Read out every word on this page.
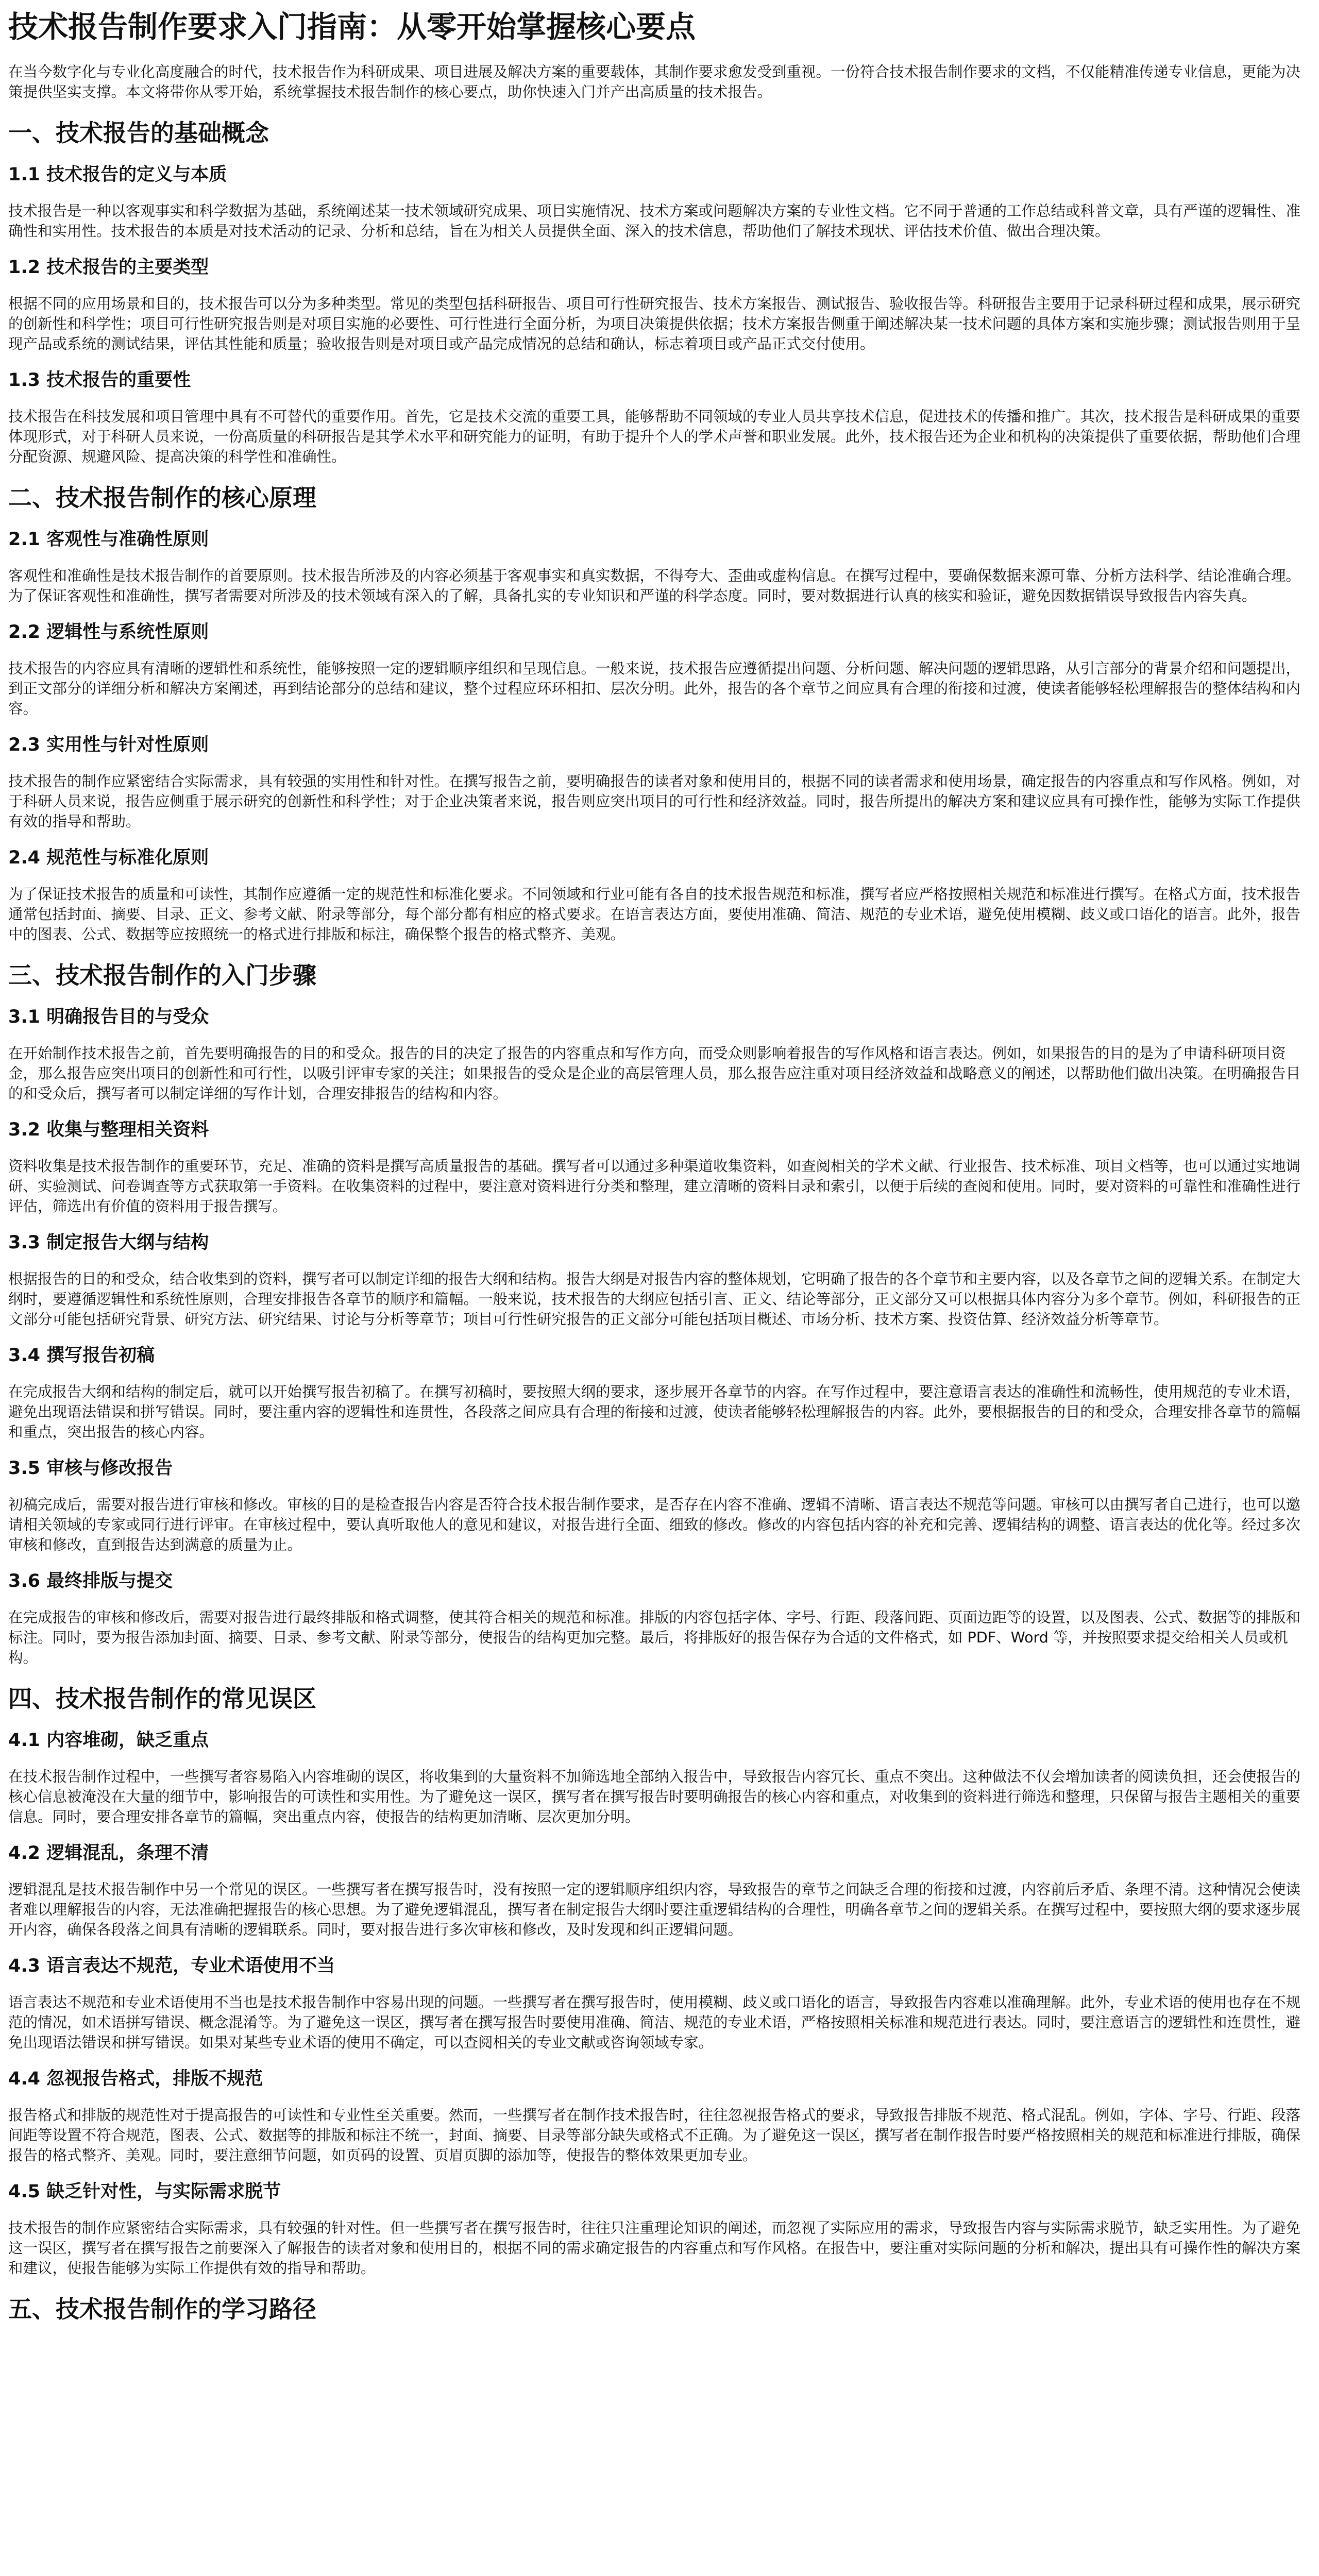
技术报告制作要求入门指南：从零开始掌握核心要点

在当今数字化与专业化高度融合的时代，技术报告作为科研成果、项目进展及解决方案的重要载体，其制作要求愈发受到重视。一份符合技术报告制作要求的文档，不仅能精准传递专业信息，更能为决策提供坚实支撑。本文将带你从零开始，系统掌握技术报告制作的核心要点，助你快速入门并产出高质量的技术报告。

一、技术报告的基础概念
1.1 技术报告的定义与本质

技术报告是一种以客观事实和科学数据为基础，系统阐述某一技术领域研究成果、项目实施情况、技术方案或问题解决方案的专业性文档。它不同于普通的工作总结或科普文章，具有严谨的逻辑性、准确性和实用性。技术报告的本质是对技术活动的记录、分析和总结，旨在为相关人员提供全面、深入的技术信息，帮助他们了解技术现状、评估技术价值、做出合理决策。

1.2 技术报告的主要类型

根据不同的应用场景和目的，技术报告可以分为多种类型。常见的类型包括科研报告、项目可行性研究报告、技术方案报告、测试报告、验收报告等。科研报告主要用于记录科研过程和成果，展示研究的创新性和科学性；项目可行性研究报告则是对项目实施的必要性、可行性进行全面分析，为项目决策提供依据；技术方案报告侧重于阐述解决某一技术问题的具体方案和实施步骤；测试报告则用于呈现产品或系统的测试结果，评估其性能和质量；验收报告则是对项目或产品完成情况的总结和确认，标志着项目或产品正式交付使用。

1.3 技术报告的重要性

技术报告在科技发展和项目管理中具有不可替代的重要作用。首先，它是技术交流的重要工具，能够帮助不同领域的专业人员共享技术信息，促进技术的传播和推广。其次，技术报告是科研成果的重要体现形式，对于科研人员来说，一份高质量的科研报告是其学术水平和研究能力的证明，有助于提升个人的学术声誉和职业发展。此外，技术报告还为企业和机构的决策提供了重要依据，帮助他们合理分配资源、规避风险、提高决策的科学性和准确性。

二、技术报告制作的核心原理
2.1 客观性与准确性原则

客观性和准确性是技术报告制作的首要原则。技术报告所涉及的内容必须基于客观事实和真实数据，不得夸大、歪曲或虚构信息。在撰写过程中，要确保数据来源可靠、分析方法科学、结论准确合理。为了保证客观性和准确性，撰写者需要对所涉及的技术领域有深入的了解，具备扎实的专业知识和严谨的科学态度。同时，要对数据进行认真的核实和验证，避免因数据错误导致报告内容失真。

2.2 逻辑性与系统性原则

技术报告的内容应具有清晰的逻辑性和系统性，能够按照一定的逻辑顺序组织和呈现信息。一般来说，技术报告应遵循提出问题、分析问题、解决问题的逻辑思路，从引言部分的背景介绍和问题提出，到正文部分的详细分析和解决方案阐述，再到结论部分的总结和建议，整个过程应环环相扣、层次分明。此外，报告的各个章节之间应具有合理的衔接和过渡，使读者能够轻松理解报告的整体结构和内容。

2.3 实用性与针对性原则

技术报告的制作应紧密结合实际需求，具有较强的实用性和针对性。在撰写报告之前，要明确报告的读者对象和使用目的，根据不同的读者需求和使用场景，确定报告的内容重点和写作风格。例如，对于科研人员来说，报告应侧重于展示研究的创新性和科学性；对于企业决策者来说，报告则应突出项目的可行性和经济效益。同时，报告所提出的解决方案和建议应具有可操作性，能够为实际工作提供有效的指导和帮助。

2.4 规范性与标准化原则

为了保证技术报告的质量和可读性，其制作应遵循一定的规范性和标准化要求。不同领域和行业可能有各自的技术报告规范和标准，撰写者应严格按照相关规范和标准进行撰写。在格式方面，技术报告通常包括封面、摘要、目录、正文、参考文献、附录等部分，每个部分都有相应的格式要求。在语言表达方面，要使用准确、简洁、规范的专业术语，避免使用模糊、歧义或口语化的语言。此外，报告中的图表、公式、数据等应按照统一的格式进行排版和标注，确保整个报告的格式整齐、美观。

三、技术报告制作的入门步骤
3.1 明确报告目的与受众

在开始制作技术报告之前，首先要明确报告的目的和受众。报告的目的决定了报告的内容重点和写作方向，而受众则影响着报告的写作风格和语言表达。例如，如果报告的目的是为了申请科研项目资金，那么报告应突出项目的创新性和可行性，以吸引评审专家的关注；如果报告的受众是企业的高层管理人员，那么报告应注重对项目经济效益和战略意义的阐述，以帮助他们做出决策。在明确报告目的和受众后，撰写者可以制定详细的写作计划，合理安排报告的结构和内容。

3.2 收集与整理相关资料

资料收集是技术报告制作的重要环节，充足、准确的资料是撰写高质量报告的基础。撰写者可以通过多种渠道收集资料，如查阅相关的学术文献、行业报告、技术标准、项目文档等，也可以通过实地调研、实验测试、问卷调查等方式获取第一手资料。在收集资料的过程中，要注意对资料进行分类和整理，建立清晰的资料目录和索引，以便于后续的查阅和使用。同时，要对资料的可靠性和准确性进行评估，筛选出有价值的资料用于报告撰写。

3.3 制定报告大纲与结构

根据报告的目的和受众，结合收集到的资料，撰写者可以制定详细的报告大纲和结构。报告大纲是对报告内容的整体规划，它明确了报告的各个章节和主要内容，以及各章节之间的逻辑关系。在制定大纲时，要遵循逻辑性和系统性原则，合理安排报告各章节的顺序和篇幅。一般来说，技术报告的大纲应包括引言、正文、结论等部分，正文部分又可以根据具体内容分为多个章节。例如，科研报告的正文部分可能包括研究背景、研究方法、研究结果、讨论与分析等章节；项目可行性研究报告的正文部分可能包括项目概述、市场分析、技术方案、投资估算、经济效益分析等章节。

3.4 撰写报告初稿

在完成报告大纲和结构的制定后，就可以开始撰写报告初稿了。在撰写初稿时，要按照大纲的要求，逐步展开各章节的内容。在写作过程中，要注意语言表达的准确性和流畅性，使用规范的专业术语，避免出现语法错误和拼写错误。同时，要注重内容的逻辑性和连贯性，各段落之间应具有合理的衔接和过渡，使读者能够轻松理解报告的内容。此外，要根据报告的目的和受众，合理安排各章节的篇幅和重点，突出报告的核心内容。

3.5 审核与修改报告

初稿完成后，需要对报告进行审核和修改。审核的目的是检查报告内容是否符合技术报告制作要求，是否存在内容不准确、逻辑不清晰、语言表达不规范等问题。审核可以由撰写者自己进行，也可以邀请相关领域的专家或同行进行评审。在审核过程中，要认真听取他人的意见和建议，对报告进行全面、细致的修改。修改的内容包括内容的补充和完善、逻辑结构的调整、语言表达的优化等。经过多次审核和修改，直到报告达到满意的质量为止。

3.6 最终排版与提交

在完成报告的审核和修改后，需要对报告进行最终排版和格式调整，使其符合相关的规范和标准。排版的内容包括字体、字号、行距、段落间距、页面边距等的设置，以及图表、公式、数据等的排版和标注。同时，要为报告添加封面、摘要、目录、参考文献、附录等部分，使报告的结构更加完整。最后，将排版好的报告保存为合适的文件格式，如 PDF、Word 等，并按照要求提交给相关人员或机构。

四、技术报告制作的常见误区
4.1 内容堆砌，缺乏重点

在技术报告制作过程中，一些撰写者容易陷入内容堆砌的误区，将收集到的大量资料不加筛选地全部纳入报告中，导致报告内容冗长、重点不突出。这种做法不仅会增加读者的阅读负担，还会使报告的核心信息被淹没在大量的细节中，影响报告的可读性和实用性。为了避免这一误区，撰写者在撰写报告时要明确报告的核心内容和重点，对收集到的资料进行筛选和整理，只保留与报告主题相关的重要信息。同时，要合理安排各章节的篇幅，突出重点内容，使报告的结构更加清晰、层次更加分明。

4.2 逻辑混乱，条理不清

逻辑混乱是技术报告制作中另一个常见的误区。一些撰写者在撰写报告时，没有按照一定的逻辑顺序组织内容，导致报告的章节之间缺乏合理的衔接和过渡，内容前后矛盾、条理不清。这种情况会使读者难以理解报告的内容，无法准确把握报告的核心思想。为了避免逻辑混乱，撰写者在制定报告大纲时要注重逻辑结构的合理性，明确各章节之间的逻辑关系。在撰写过程中，要按照大纲的要求逐步展开内容，确保各段落之间具有清晰的逻辑联系。同时，要对报告进行多次审核和修改，及时发现和纠正逻辑问题。

4.3 语言表达不规范，专业术语使用不当

语言表达不规范和专业术语使用不当也是技术报告制作中容易出现的问题。一些撰写者在撰写报告时，使用模糊、歧义或口语化的语言，导致报告内容难以准确理解。此外，专业术语的使用也存在不规范的情况，如术语拼写错误、概念混淆等。为了避免这一误区，撰写者在撰写报告时要使用准确、简洁、规范的专业术语，严格按照相关标准和规范进行表达。同时，要注意语言的逻辑性和连贯性，避免出现语法错误和拼写错误。如果对某些专业术语的使用不确定，可以查阅相关的专业文献或咨询领域专家。

4.4 忽视报告格式，排版不规范

报告格式和排版的规范性对于提高报告的可读性和专业性至关重要。然而，一些撰写者在制作技术报告时，往往忽视报告格式的要求，导致报告排版不规范、格式混乱。例如，字体、字号、行距、段落间距等设置不符合规范，图表、公式、数据等的排版和标注不统一，封面、摘要、目录等部分缺失或格式不正确。为了避免这一误区，撰写者在制作报告时要严格按照相关的规范和标准进行排版，确保报告的格式整齐、美观。同时，要注意细节问题，如页码的设置、页眉页脚的添加等，使报告的整体效果更加专业。

4.5 缺乏针对性，与实际需求脱节

技术报告的制作应紧密结合实际需求，具有较强的针对性。但一些撰写者在撰写报告时，往往只注重理论知识的阐述，而忽视了实际应用的需求，导致报告内容与实际需求脱节，缺乏实用性。为了避免这一误区，撰写者在撰写报告之前要深入了解报告的读者对象和使用目的，根据不同的需求确定报告的内容重点和写作风格。在报告中，要注重对实际问题的分析和解决，提出具有可操作性的解决方案和建议，使报告能够为实际工作提供有效的指导和帮助。

五、技术报告制作的学习路径
